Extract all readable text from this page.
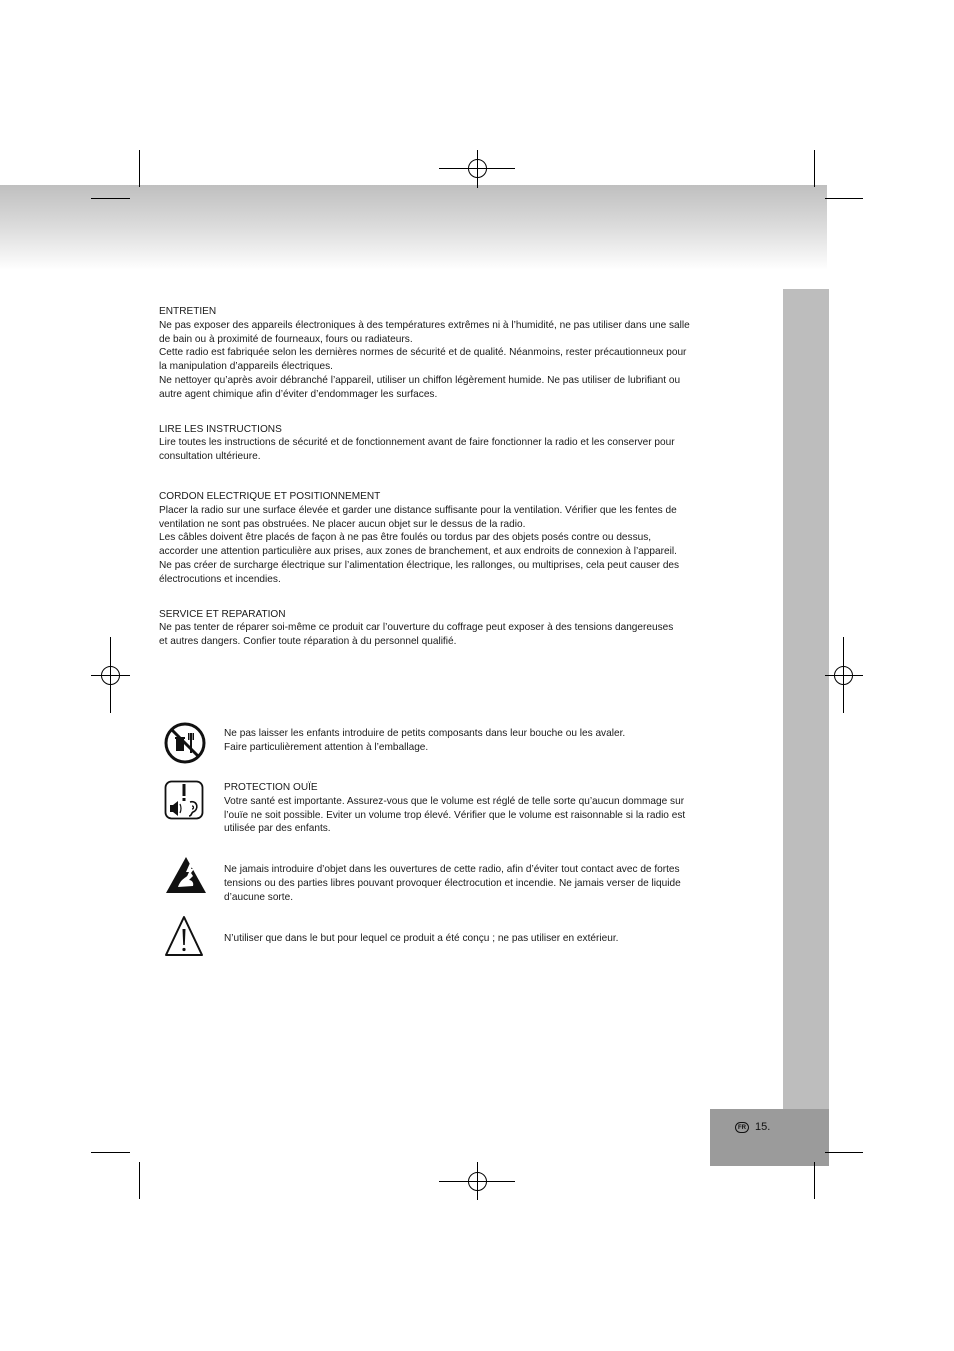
FR 15.

ENTRETIEN

Ne pas exposer des appareils électroniques à des températures extrêmes ni à l’humidité, ne pas utiliser dans une salle

de bain ou à proximité de fourneaux, fours ou radiateurs.

Cette radio est fabriquée selon les dernières normes de sécurité et de qualité. Néanmoins, rester précautionneux pour

la manipulation d’appareils électriques.

Ne nettoyer qu’après avoir débranché l’appareil, utiliser un chiffon légèrement humide. Ne pas utiliser de lubrifiant ou

autre agent chimique afin d’éviter d’endommager les surfaces.

LIRE LES INSTRUCTIONS

Lire toutes les instructions de sécurité et de fonctionnement avant de faire fonctionner la radio et les conserver pour

consultation ultérieure.

CORDON ELECTRIQUE ET POSITIONNEMENT

Placer la radio sur une surface élevée et garder une distance suffisante pour la ventilation. Vérifier que les fentes de

ventilation ne sont pas obstruées. Ne placer aucun objet sur le dessus de la radio.

Les câbles doivent être placés de façon à ne pas être foulés ou tordus par des objets posés contre ou dessus,

accorder une attention particulière aux prises, aux zones de branchement, et aux endroits de connexion à l’appareil.

Ne pas créer de surcharge électrique sur l’alimentation électrique, les rallonges, ou multiprises, cela peut causer des

électrocutions et incendies.

SERVICE ET REPARATION

Ne pas tenter de réparer soi-même ce produit car l’ouverture du coffrage peut exposer à des tensions dangereuses

et autres dangers. Confier toute réparation à du personnel qualifié.

Ne pas laisser les enfants introduire de petits composants dans leur bouche ou les avaler.

Faire particulièrement attention à l’emballage.

PROTECTION OUÏE

Votre santé est importante. Assurez-vous que le volume est réglé de telle sorte qu’aucun dommage sur

l’ouïe ne soit possible. Eviter un volume trop élevé. Vérifier que le volume est raisonnable si la radio est

utilisée par des enfants.

Ne jamais introduire d’objet dans les ouvertures de cette radio, afin d’éviter tout contact avec de fortes

tensions ou des parties libres pouvant provoquer électrocution et incendie. Ne jamais verser de liquide

d’aucune sorte.

N’utiliser que dans le but pour lequel ce produit a été conçu ; ne pas utiliser en extérieur.
